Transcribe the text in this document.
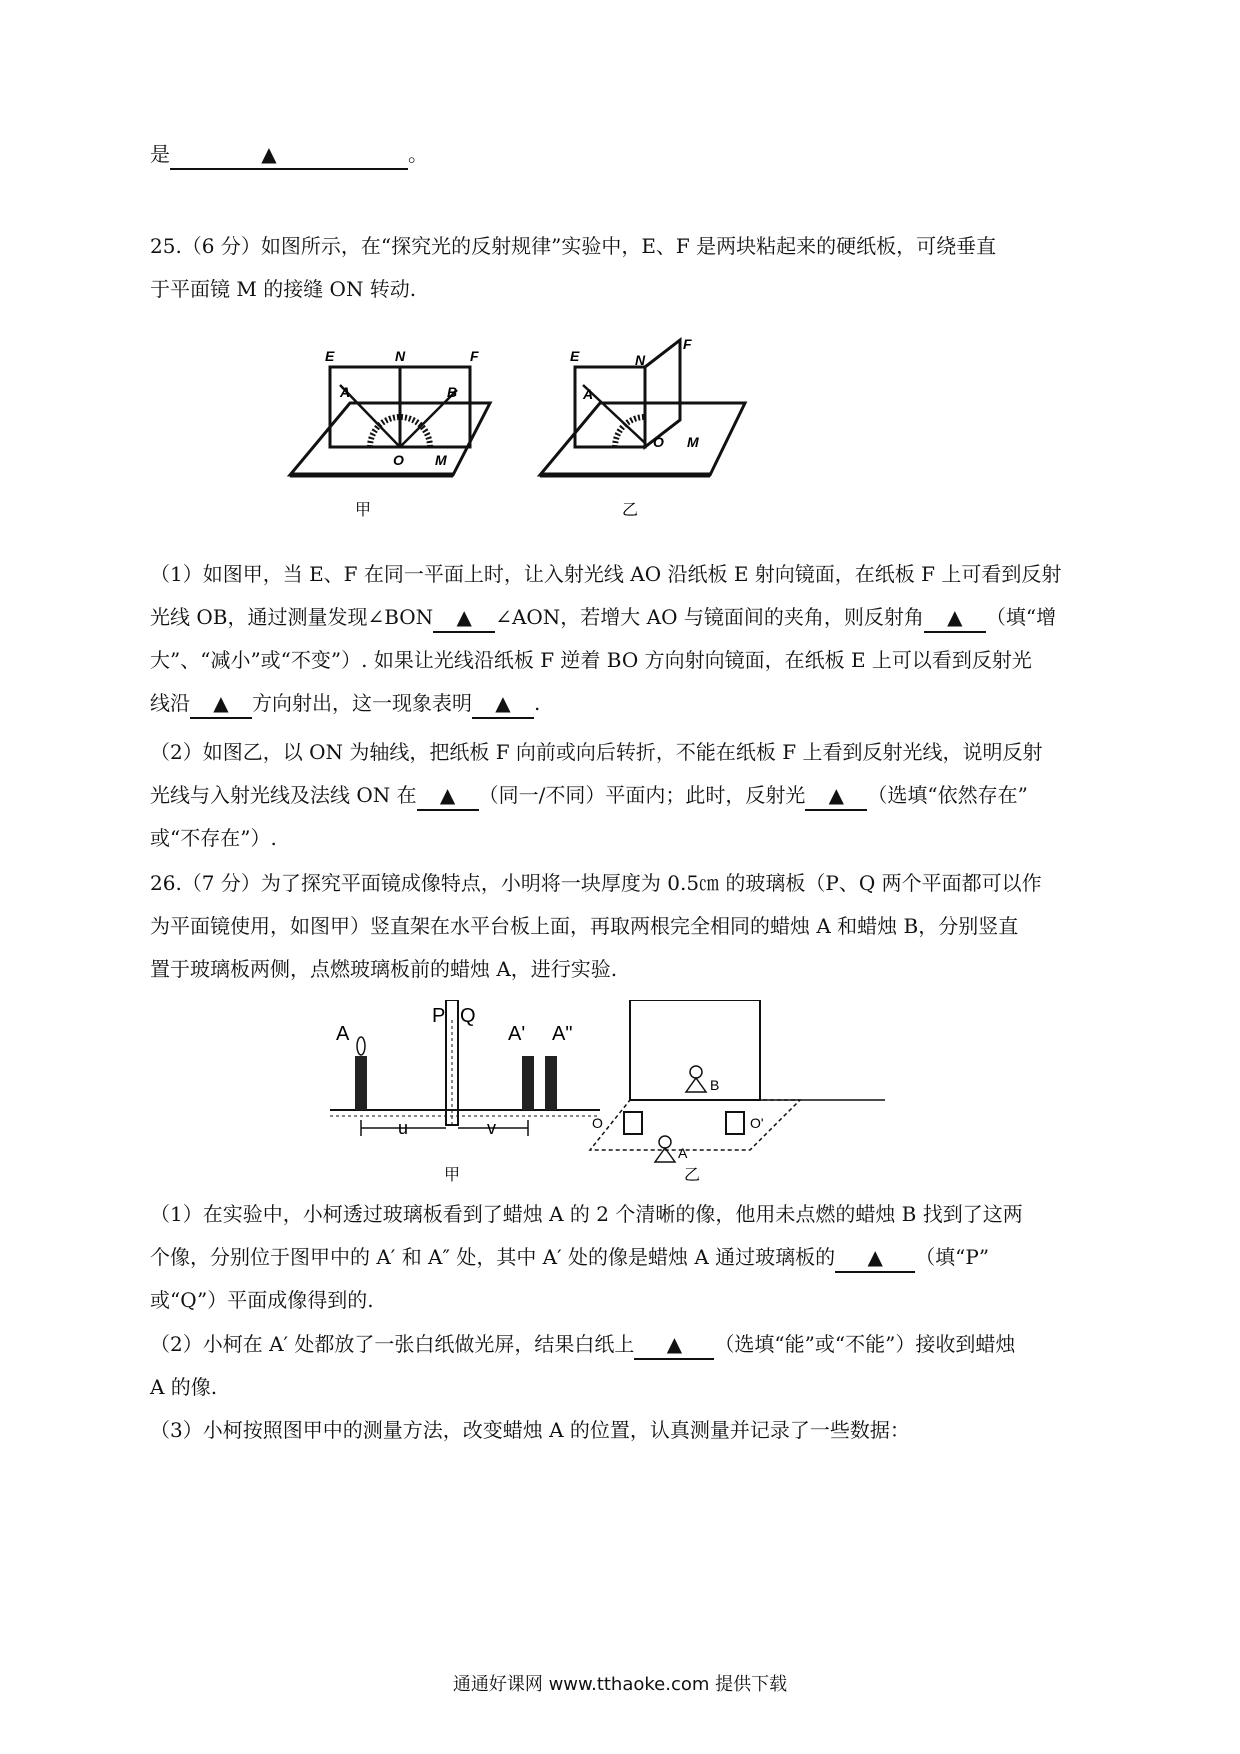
是	▲	。
25.（6 分）如图所示，在“探究光的反射规律”实验中，E、F 是两块粘起来的硬纸板，可绕垂直
于平面镜 M 的接缝 ON 转动.
E	N	F
A	B
O M
甲
E	N
F
A
O M
乙
（1）如图甲，当 E、F 在同一平面上时，让入射光线 AO 沿纸板 E 射向镜面，在纸板 F 上可看到反射
光线 OB，通过测量发现∠BON ▲ ∠AON，若增大 AO 与镜面间的夹角，则反射角 ▲ （填“增
大”、“减小”或“不变”）. 如果让光线沿纸板 F 逆着 BO 方向射向镜面，在纸板 E 上可以看到反射光
线沿 ▲ 方向射出，这一现象表明 ▲ .
（2）如图乙，以 ON 为轴线，把纸板 F 向前或向后转折，不能在纸板 F 上看到反射光线，说明反射
光线与入射光线及法线 ON 在 ▲ （同一/不同）平面内；此时，反射光 ▲ （选填“依然存在”
或“不存在”）.
26.（7 分）为了探究平面镜成像特点，小明将一块厚度为 0.5㎝ 的玻璃板（P、Q 两个平面都可以作
为平面镜使用，如图甲）竖直架在水平台板上面，再取两根完全相同的蜡烛 A 和蜡烛 B，分别竖直
置于玻璃板两侧，点燃玻璃板前的蜡烛 A，进行实验.
P Q
A	A' A"
u	v
甲
B
A
O	O'
乙
（1）在实验中，小柯透过玻璃板看到了蜡烛 A 的 2 个清晰的像，他用未点燃的蜡烛 B 找到了这两
个像，分别位于图甲中的 A′ 和 A″ 处，其中 A′ 处的像是蜡烛 A 通过玻璃板的 ▲ （填“P”
或“Q”）平面成像得到的.
（2）小柯在 A′ 处都放了一张白纸做光屏，结果白纸上 ▲ （选填“能”或“不能”）接收到蜡烛
A 的像.
（3）小柯按照图甲中的测量方法，改变蜡烛 A 的位置，认真测量并记录了一些数据：
通通好课网 www.tthaoke.com 提供下载
